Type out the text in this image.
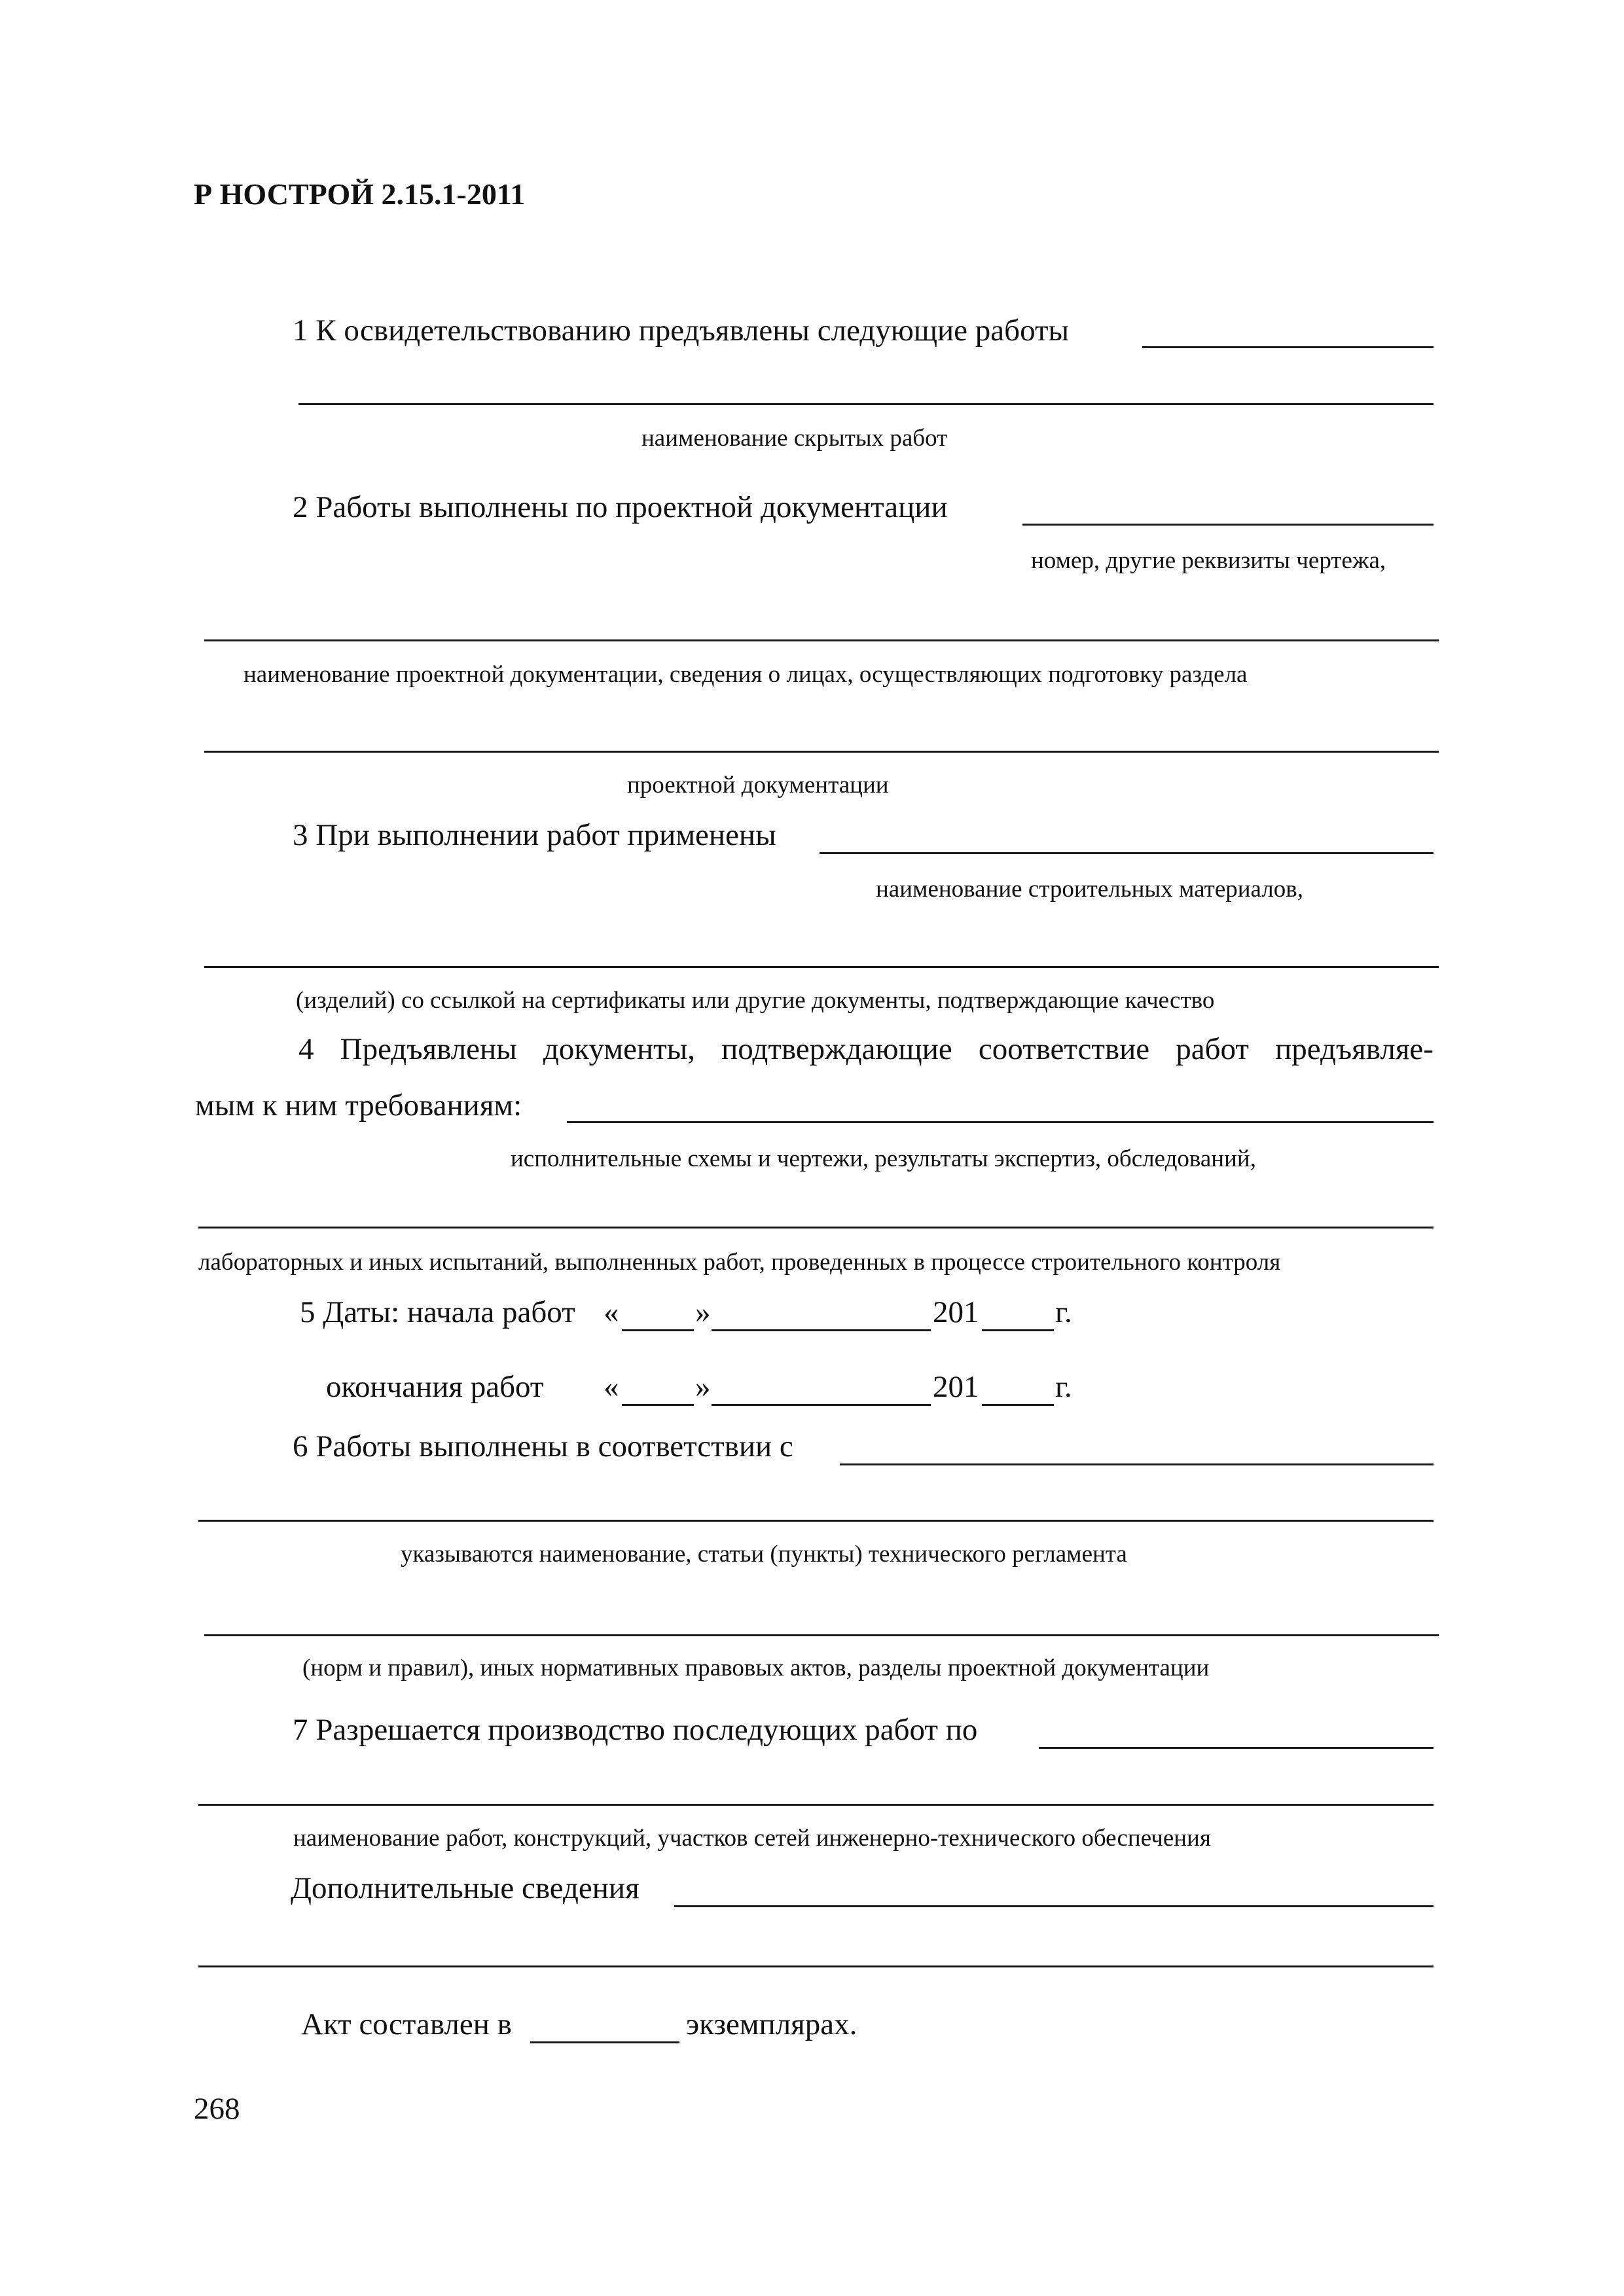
Р НОСТРОЙ 2.15.1-2011
1 К освидетельствованию предъявлены следующие работы
наименование скрытых работ
2 Работы выполнены по проектной документации
номер, другие реквизиты чертежа,
наименование проектной документации, сведения о лицах, осуществляющих подготовку раздела
проектной документации
3 При выполнении работ применены
наименование строительных материалов,
(изделий) со ссылкой на сертификаты или другие документы, подтверждающие качество
4 Предъявлены документы, подтверждающие соответствие работ предъявляе-
мым к ним требованиям:
исполнительные схемы и чертежи, результаты экспертиз, обследований,
лабораторных и иных испытаний, выполненных работ, проведенных в процессе строительного контроля
5 Даты: начала работ « »	201 г.
окончания работ « »	201 г.
6 Работы выполнены в соответствии с
указываются наименование, статьи (пункты) технического регламента
(норм и правил), иных нормативных правовых актов, разделы проектной документации
7 Разрешается производство последующих работ по
наименование работ, конструкций, участков сетей инженерно-технического обеспечения
Дополнительные сведения
Акт составлен в	экземплярах.
268
